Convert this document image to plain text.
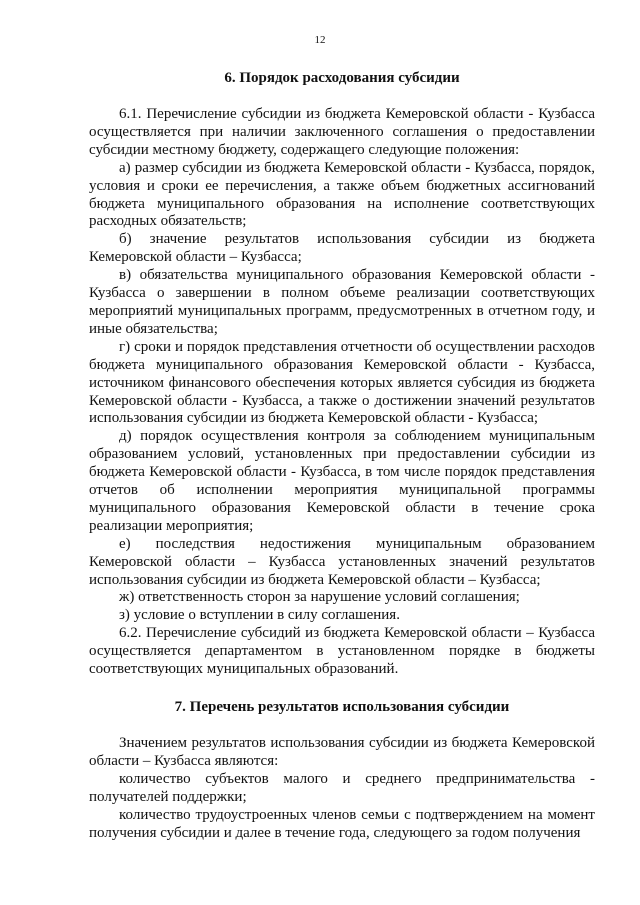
12
6. Порядок расходования субсидии

6.1. Перечисление субсидии из бюджета Кемеровской области - Кузбасса осуществляется при наличии заключенного соглашения о предоставлении субсидии местному бюджету, содержащего следующие положения:

а) размер субсидии из бюджета Кемеровской области - Кузбасса, порядок, условия и сроки ее перечисления, а также объем бюджетных ассигнований бюджета муниципального образования на исполнение соответствующих расходных обязательств;

б) значение результатов использования субсидии из бюджета Кемеровской области – Кузбасса;

в) обязательства муниципального образования Кемеровской области - Кузбасса о завершении в полном объеме реализации соответствующих мероприятий муниципальных программ, предусмотренных в отчетном году, и иные обязательства;

г) сроки и порядок представления отчетности об осуществлении расходов бюджета муниципального образования Кемеровской области - Кузбасса, источником финансового обеспечения которых является субсидия из бюджета Кемеровской области - Кузбасса, а также о достижении значений результатов использования субсидии из бюджета Кемеровской области - Кузбасса;

д) порядок осуществления контроля за соблюдением муниципальным образованием условий, установленных при предоставлении субсидии из бюджета Кемеровской области - Кузбасса, в том числе порядок представления отчетов об исполнении мероприятия муниципальной программы муниципального образования Кемеровской области в течение срока реализации мероприятия;

е) последствия недостижения муниципальным образованием Кемеровской области – Кузбасса установленных значений результатов использования субсидии из бюджета Кемеровской области – Кузбасса;

ж) ответственность сторон за нарушение условий соглашения;

з) условие о вступлении в силу соглашения.

6.2. Перечисление субсидий из бюджета Кемеровской области – Кузбасса осуществляется департаментом в установленном порядке в бюджеты соответствующих муниципальных образований.

7. Перечень результатов использования субсидии

Значением результатов использования субсидии из бюджета Кемеровской области – Кузбасса являются:

количество субъектов малого и среднего предпринимательства - получателей поддержки;

количество трудоустроенных членов семьи с подтверждением на момент получения субсидии и далее в течение года, следующего за годом получения
